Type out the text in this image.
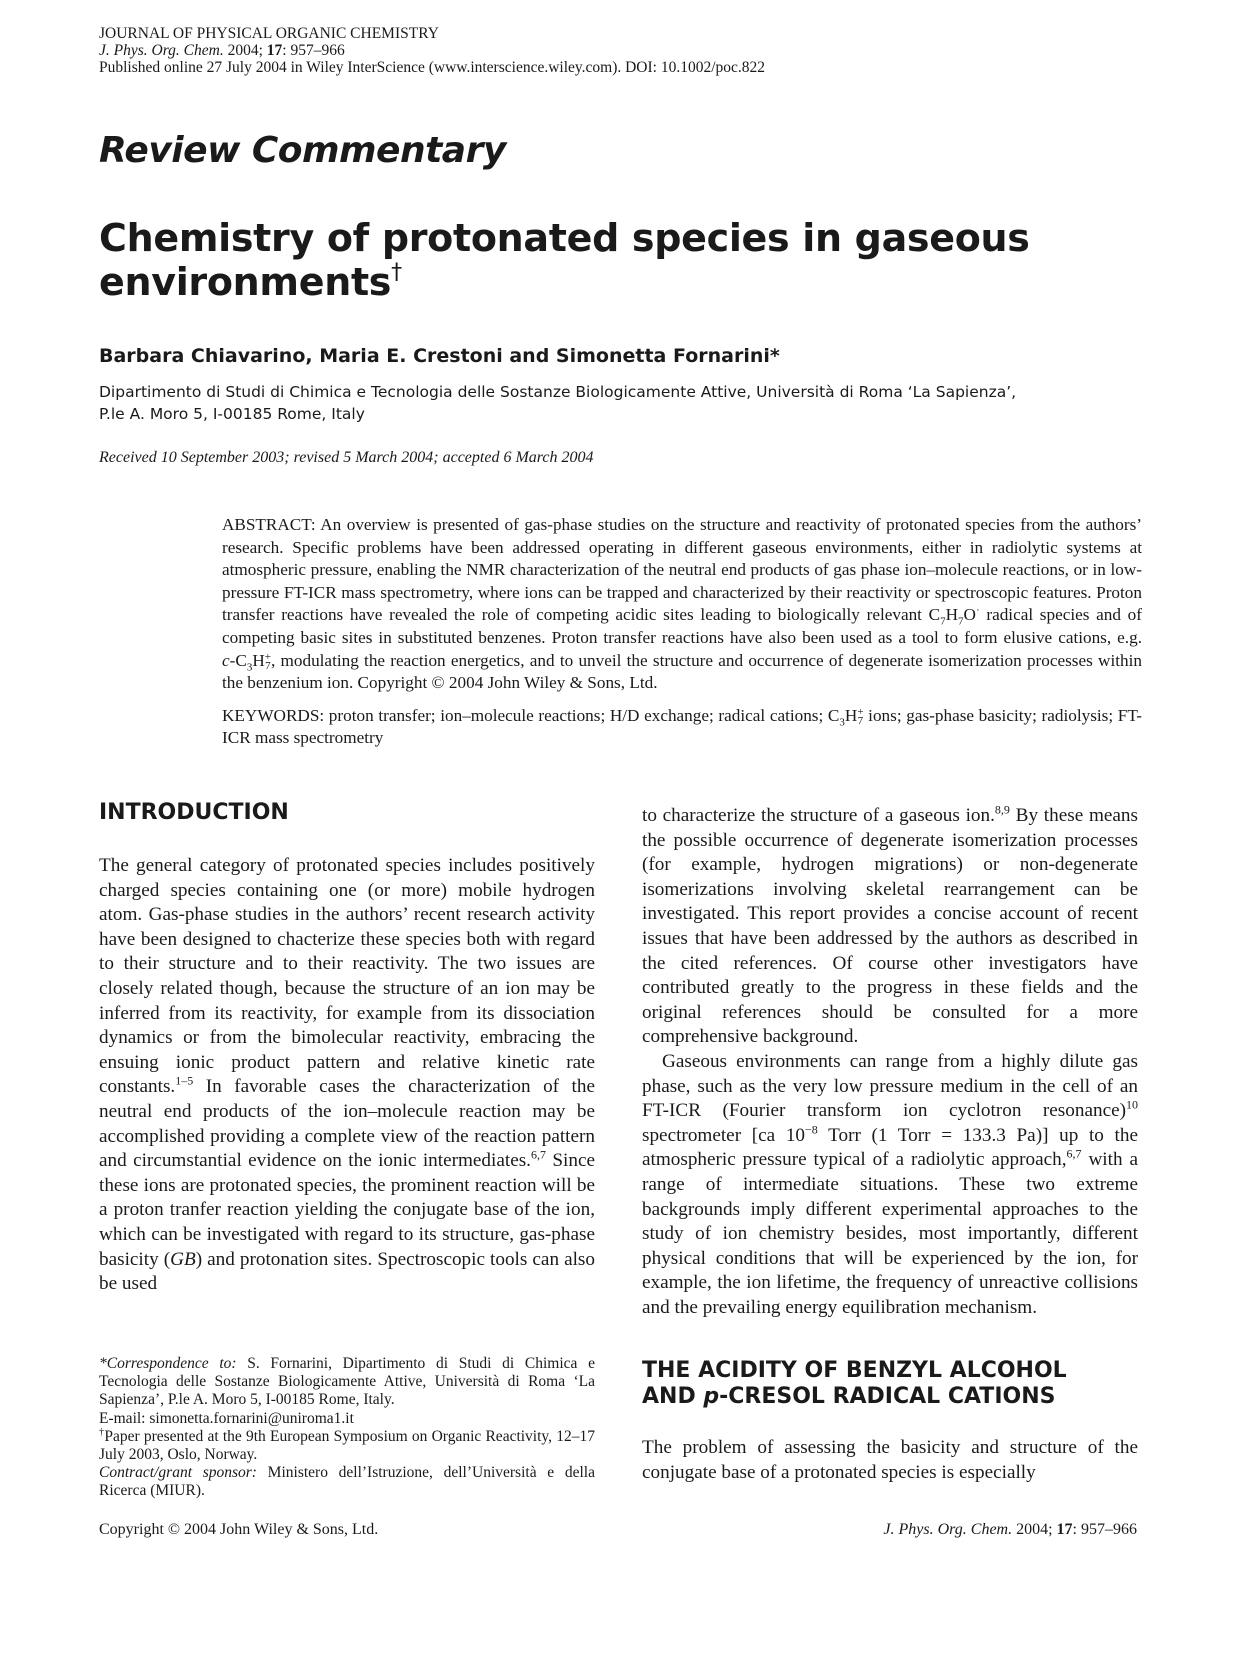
JOURNAL OF PHYSICAL ORGANIC CHEMISTRY
J. Phys. Org. Chem. 2004; 17: 957–966
Published online 27 July 2004 in Wiley InterScience (www.interscience.wiley.com). DOI: 10.1002/poc.822
Review Commentary
Chemistry of protonated species in gaseous environments†
Barbara Chiavarino, Maria E. Crestoni and Simonetta Fornarini*
Dipartimento di Studi di Chimica e Tecnologia delle Sostanze Biologicamente Attive, Università di Roma ‘La Sapienza’,
P.le A. Moro 5, I-00185 Rome, Italy
Received 10 September 2003; revised 5 March 2004; accepted 6 March 2004

ABSTRACT: An overview is presented of gas-phase studies on the structure and reactivity of protonated species from the authors’ research. Specific problems have been addressed operating in different gaseous environments, either in radiolytic systems at atmospheric pressure, enabling the NMR characterization of the neutral end products of gas phase ion–molecule reactions, or in low-pressure FT-ICR mass spectrometry, where ions can be trapped and characterized by their reactivity or spectroscopic features. Proton transfer reactions have revealed the role of competing acidic sites leading to biologically relevant $C_7H_7O^\cdot$ radical species and of competing basic sites in substituted benzenes. Proton transfer reactions have also been used as a tool to form elusive cations, e.g. $c-C_3H+$
7, modulating the reaction energetics, and to unveil the structure and occurrence of degenerate isomerization processes within the benzenium ion. Copyright © 2004 John Wiley & Sons, Ltd.

KEYWORDS: proton transfer; ion–molecule reactions; H/D exchange; radical cations; $C_3H+$
7 ions; gas-phase basicity; radiolysis; FT-ICR mass spectrometry

INTRODUCTION

The general category of protonated species includes positively charged species containing one (or more) mobile hydrogen atom. Gas-phase studies in the authors’ recent research activity have been designed to chacterize these species both with regard to their structure and to their reactivity. The two issues are closely related though, because the structure of an ion may be inferred from its reactivity, for example from its dissociation dynamics or from the bimolecular reactivity, embracing the ensuing ionic product pattern and relative kinetic rate constants.$^{1-5}$ In favorable cases the characterization of the neutral end products of the ion–molecule reaction may be accomplished providing a complete view of the reaction pattern and circumstantial evidence on the ionic intermediates.$^{6,7}$ Since these ions are protonated species, the prominent reaction will be a proton tranfer reaction yielding the conjugate base of the ion, which can be investigated with regard to its structure, gas-phase basicity (GB) and protonation sites. Spectroscopic tools can also be used

to characterize the structure of a gaseous ion.$^{8,9}$ By these means the possible occurrence of degenerate isomerization processes (for example, hydrogen migrations) or non-degenerate isomerizations involving skeletal rearrangement can be investigated. This report provides a concise account of recent issues that have been addressed by the authors as described in the cited references. Of course other investigators have contributed greatly to the progress in these fields and the original references should be consulted for a more comprehensive background.

Gaseous environments can range from a highly dilute gas phase, such as the very low pressure medium in the cell of an FT-ICR (Fourier transform ion cyclotron resonance)$^{10}$ spectrometer [ca $10^{-8}$ Torr (1 Torr = 133.3 Pa)] up to the atmospheric pressure typical of a radiolytic approach,$^{6,7}$ with a range of intermediate situations. These two extreme backgrounds imply different experimental approaches to the study of ion chemistry besides, most importantly, different physical conditions that will be experienced by the ion, for example, the ion lifetime, the frequency of unreactive collisions and the prevailing energy equilibration mechanism.

THE ACIDITY OF BENZYL ALCOHOL
AND p-CRESOL RADICAL CATIONS

The problem of assessing the basicity and structure of the conjugate base of a protonated species is especially

*Correspondence to: S. Fornarini, Dipartimento di Studi di Chimica e Tecnologia delle Sostanze Biologicamente Attive, Università di Roma ‘La Sapienza’, P.le A. Moro 5, I-00185 Rome, Italy.

E-mail: simonetta.fornarini@uniroma1.it

†Paper presented at the 9th European Symposium on Organic Reactivity, 12–17 July 2003, Oslo, Norway.

Contract/grant sponsor: Ministero dell’Istruzione, dell’Università e della Ricerca (MIUR).

Copyright © 2004 John Wiley & Sons, Ltd.	J. Phys. Org. Chem. 2004; 17: 957–966
